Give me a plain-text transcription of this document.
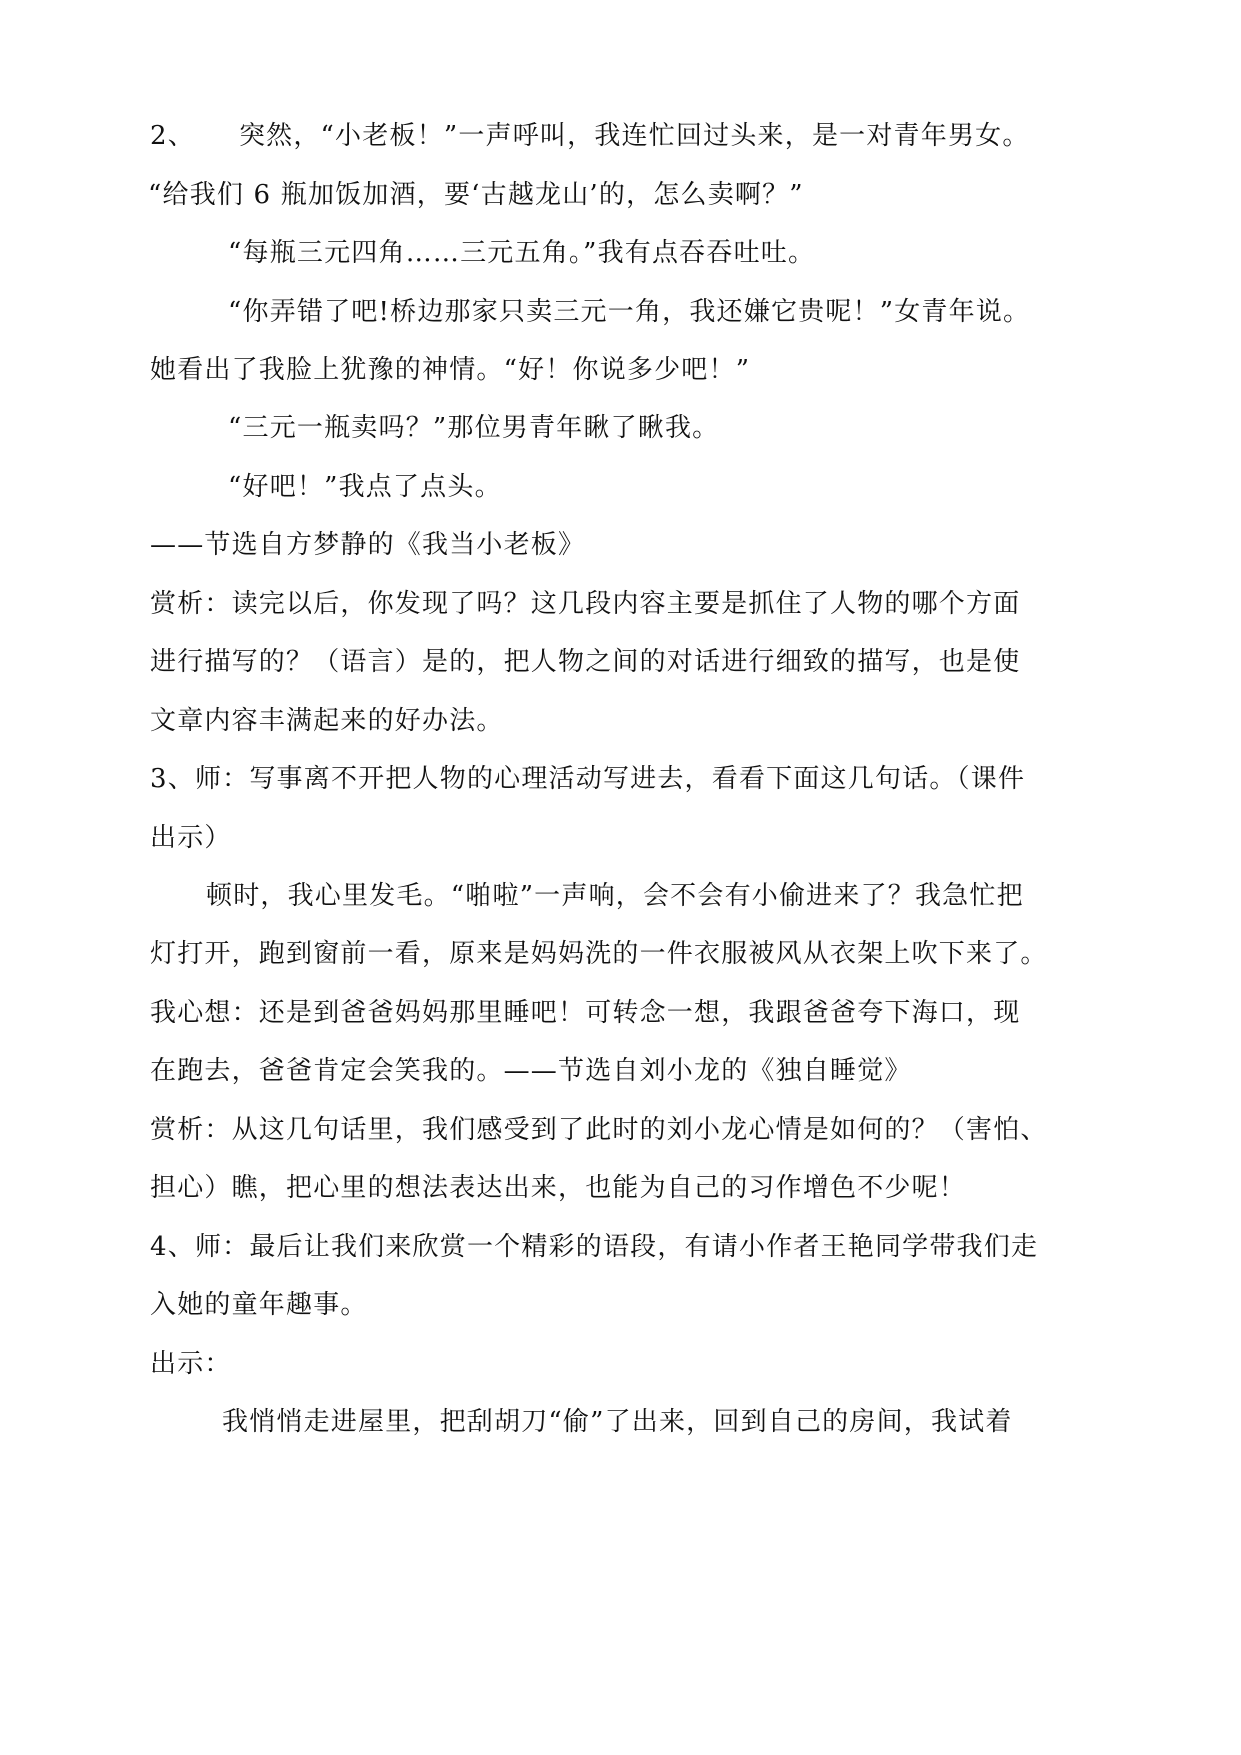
2、 突然，“小老板！”一声呼叫，我连忙回过头来，是一对青年男女。
“给我们 6 瓶加饭加酒，要‘古越龙山’的，怎么卖啊？”
“每瓶三元四角……三元五角。”我有点吞吞吐吐。
“你弄错了吧!桥边那家只卖三元一角，我还嫌它贵呢！”女青年说。
她看出了我脸上犹豫的神情。“好！你说多少吧！”
“三元一瓶卖吗？”那位男青年瞅了瞅我。
“好吧！”我点了点头。
——节选自方梦静的《我当小老板》
赏析：读完以后，你发现了吗？这几段内容主要是抓住了人物的哪个方面
进行描写的？（语言）是的，把人物之间的对话进行细致的描写，也是使
文章内容丰满起来的好办法。
3、师：写事离不开把人物的心理活动写进去，看看下面这几句话。（课件
出示）
顿时，我心里发毛。“啪啦”一声响，会不会有小偷进来了？我急忙把
灯打开，跑到窗前一看，原来是妈妈洗的一件衣服被风从衣架上吹下来了。
我心想：还是到爸爸妈妈那里睡吧！可转念一想，我跟爸爸夸下海口，现
在跑去，爸爸肯定会笑我的。——节选自刘小龙的《独自睡觉》
赏析：从这几句话里，我们感受到了此时的刘小龙心情是如何的？（害怕、
担心）瞧，把心里的想法表达出来，也能为自己的习作增色不少呢！
4、师：最后让我们来欣赏一个精彩的语段，有请小作者王艳同学带我们走
入她的童年趣事。
出示：
我悄悄走进屋里，把刮胡刀“偷”了出来，回到自己的房间，我试着
